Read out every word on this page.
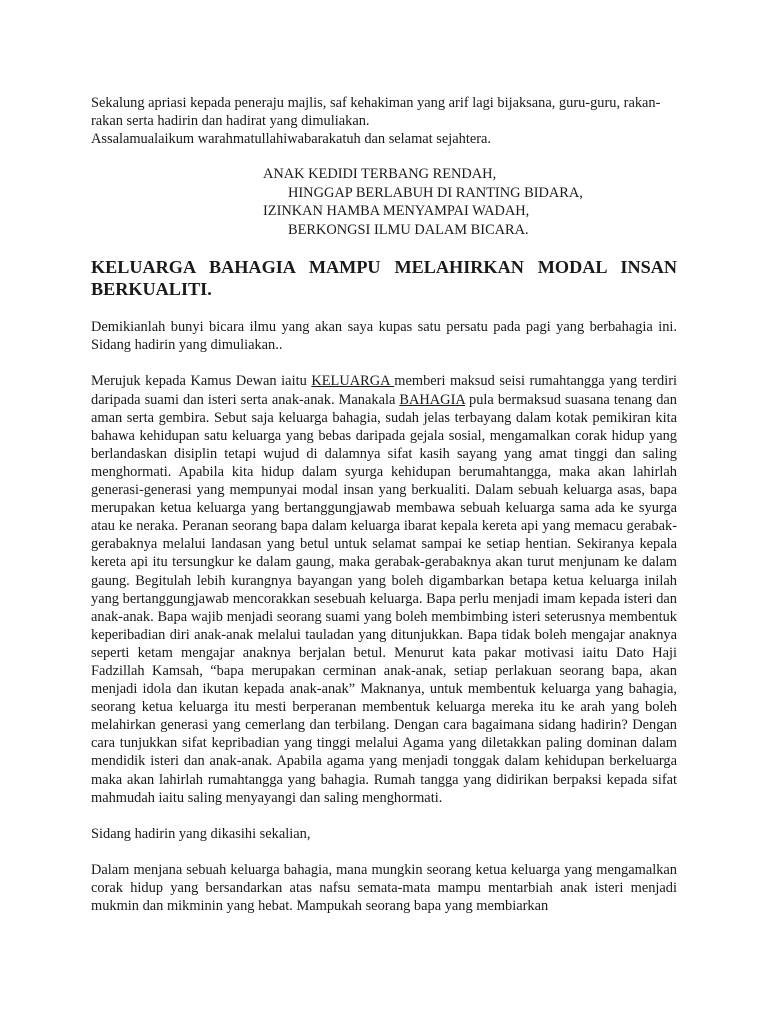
Sekalung apriasi kepada peneraju majlis, saf kehakiman yang arif lagi bijaksana, guru-guru, rakan-rakan serta hadirin dan hadirat yang dimuliakan.

Assalamualaikum warahmatullahiwabarakatuh dan selamat sejahtera.

ANAK KEDIDI TERBANG RENDAH,
HINGGAP BERLABUH DI RANTING BIDARA,
IZINKAN HAMBA MENYAMPAI WADAH,
BERKONGSI ILMU DALAM BICARA.

KELUARGA BAHAGIA MAMPU MELAHIRKAN MODAL INSAN BERKUALITI.

Demikianlah bunyi bicara ilmu yang akan saya kupas satu persatu pada pagi yang berbahagia ini. Sidang hadirin yang dimuliakan..

Merujuk kepada Kamus Dewan iaitu KELUARGA memberi maksud seisi rumahtangga yang terdiri daripada suami dan isteri serta anak-anak. Manakala BAHAGIA pula bermaksud suasana tenang dan aman serta gembira. Sebut saja keluarga bahagia, sudah jelas terbayang dalam kotak pemikiran kita bahawa kehidupan satu keluarga yang bebas daripada gejala sosial, mengamalkan corak hidup yang berlandaskan disiplin tetapi wujud di dalamnya sifat kasih sayang yang amat tinggi dan saling menghormati. Apabila kita hidup dalam syurga kehidupan berumahtangga, maka akan lahirlah generasi-generasi yang mempunyai modal insan yang berkualiti. Dalam sebuah keluarga asas, bapa merupakan ketua keluarga yang bertanggungjawab membawa sebuah keluarga sama ada ke syurga atau ke neraka. Peranan seorang bapa dalam keluarga ibarat kepala kereta api yang memacu gerabak-gerabaknya melalui landasan yang betul untuk selamat sampai ke setiap hentian. Sekiranya kepala kereta api itu tersungkur ke dalam gaung, maka gerabak-gerabaknya akan turut menjunam ke dalam gaung. Begitulah lebih kurangnya bayangan yang boleh digambarkan betapa ketua keluarga inilah yang bertanggungjawab mencorakkan sesebuah keluarga. Bapa perlu menjadi imam kepada isteri dan anak-anak. Bapa wajib menjadi seorang suami yang boleh membimbing isteri seterusnya membentuk keperibadian diri anak-anak melalui tauladan yang ditunjukkan. Bapa tidak boleh mengajar anaknya seperti ketam mengajar anaknya berjalan betul. Menurut kata pakar motivasi iaitu Dato Haji Fadzillah Kamsah, “bapa merupakan cerminan anak-anak, setiap perlakuan seorang bapa, akan menjadi idola dan ikutan kepada anak-anak” Maknanya, untuk membentuk keluarga yang bahagia, seorang ketua keluarga itu mesti berperanan membentuk keluarga mereka itu ke arah yang boleh melahirkan generasi yang cemerlang dan terbilang. Dengan cara bagaimana sidang hadirin? Dengan cara tunjukkan sifat kepribadian yang tinggi melalui Agama yang diletakkan paling dominan dalam mendidik isteri dan anak-anak. Apabila agama yang menjadi tonggak dalam kehidupan berkeluarga maka akan lahirlah rumahtangga yang bahagia. Rumah tangga yang didirikan berpaksi kepada sifat mahmudah iaitu saling menyayangi dan saling menghormati.

Sidang hadirin yang dikasihi sekalian,

Dalam menjana sebuah keluarga bahagia, mana mungkin seorang ketua keluarga yang mengamalkan corak hidup yang bersandarkan atas nafsu semata-mata mampu mentarbiah anak isteri menjadi mukmin dan mikminin yang hebat. Mampukah seorang bapa yang membiarkan
